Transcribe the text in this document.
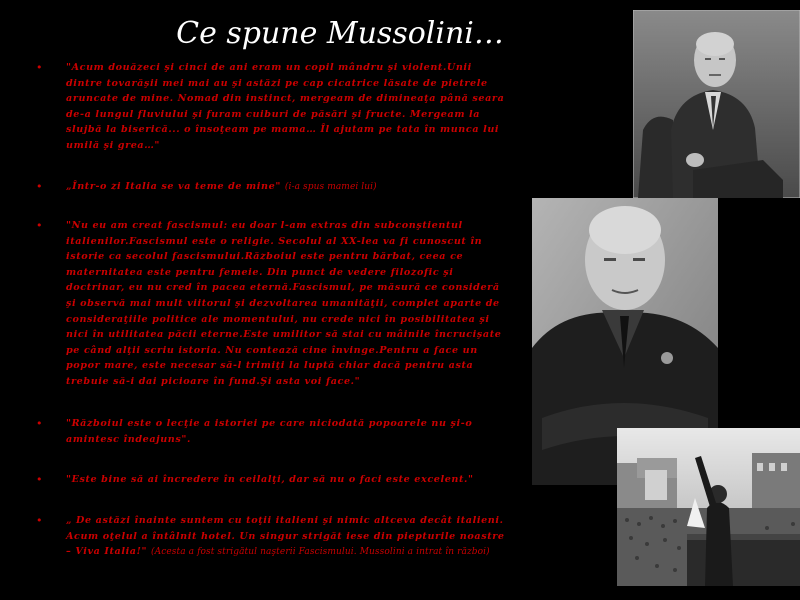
Ce spune Mussolini…
• "Acum douăzeci şi cinci de ani eram un copil mândru şi violent.Unii dintre tovarăşii mei mai au şi astăzi pe cap cicatrice lăsate de pietrele aruncate de mine. Nomad din instinct, mergeam de dimineaţa până seara de-a lungul fluviului şi furam cuiburi de păsări şi fructe. Mergeam la slujbă la biserică... o însoţeam pe mama… Îl ajutam pe tata în munca lui umilă şi grea…"
• „Într-o zi Italia se va teme de mine" (i-a spus mamei lui)
• "Nu eu am creat fascismul: eu doar l-am extras din subconştientul italienilor.Fascismul este o religie. Secolul al XX-lea va fi cunoscut în istorie ca secolul fascismului.Războiul este pentru bărbat, ceea ce maternitatea este pentru femeie. Din punct de vedere filozofic şi doctrinar, eu nu cred în pacea eternă.Fascismul, pe măsură ce consideră şi observă mai mult viitorul şi dezvoltarea umanităţii, complet aparte de consideraţiile politice ale momentului, nu crede nici în posibilitatea şi nici în utilitatea păcii eterne.Este umilitor să stai cu mâinile încrucişate pe când alţii scriu istoria. Nu contează cine învinge.Pentru a face un popor mare, este necesar să-l trimiţi la luptă chiar dacă pentru asta trebuie să-i dai picioare în fund.Şi asta voi face."
• "Războiul este o lecţie a istoriei pe care niciodată popoarele nu şi-o amintesc îndeajuns".
• "Este bine să ai încredere în ceilalţi, dar să nu o faci este excelent."
• „ De astăzi înainte suntem cu toţii italieni şi nimic altceva decât italieni. Acum oţelul a întâlnit hotel. Un singur strigăt iese din piepturile noastre – Viva Italia!" (Acesta a fost strigătul naşterii Fascismului. Mussolini a intrat în război)
